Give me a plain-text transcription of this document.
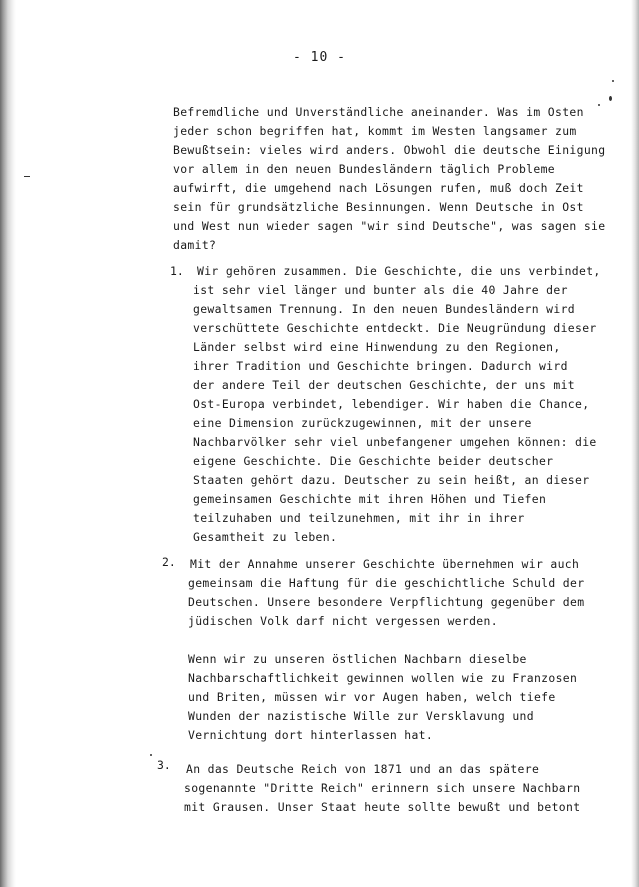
- 10 -
Befremdliche und Unverständliche aneinander. Was im Osten
jeder schon begriffen hat, kommt im Westen langsamer zum
Bewußtsein: vieles wird anders. Obwohl die deutsche Einigung
vor allem in den neuen Bundesländern täglich Probleme
aufwirft, die umgehend nach Lösungen rufen, muß doch Zeit
sein für grundsätzliche Besinnungen. Wenn Deutsche in Ost
und West nun wieder sagen "wir sind Deutsche", was sagen sie
damit?
1. Wir gehören zusammen. Die Geschichte, die uns verbindet,
ist sehr viel länger und bunter als die 40 Jahre der
gewaltsamen Trennung. In den neuen Bundesländern wird
verschüttete Geschichte entdeckt. Die Neugründung dieser
Länder selbst wird eine Hinwendung zu den Regionen,
ihrer Tradition und Geschichte bringen. Dadurch wird
der andere Teil der deutschen Geschichte, der uns mit
Ost-Europa verbindet, lebendiger. Wir haben die Chance,
eine Dimension zurückzugewinnen, mit der unsere
Nachbarvölker sehr viel unbefangener umgehen können: die
eigene Geschichte. Die Geschichte beider deutscher
Staaten gehört dazu. Deutscher zu sein heißt, an dieser
gemeinsamen Geschichte mit ihren Höhen und Tiefen
teilzuhaben und teilzunehmen, mit ihr in ihrer
Gesamtheit zu leben.
2. Mit der Annahme unserer Geschichte übernehmen wir auch
gemeinsam die Haftung für die geschichtliche Schuld der
Deutschen. Unsere besondere Verpflichtung gegenüber dem
jüdischen Volk darf nicht vergessen werden.
Wenn wir zu unseren östlichen Nachbarn dieselbe
Nachbarschaftlichkeit gewinnen wollen wie zu Franzosen
und Briten, müssen wir vor Augen haben, welch tiefe
Wunden der nazistische Wille zur Versklavung und
Vernichtung dort hinterlassen hat.
3. An das Deutsche Reich von 1871 und an das spätere
sogenannte "Dritte Reich" erinnern sich unsere Nachbarn
mit Grausen. Unser Staat heute sollte bewußt und betont
